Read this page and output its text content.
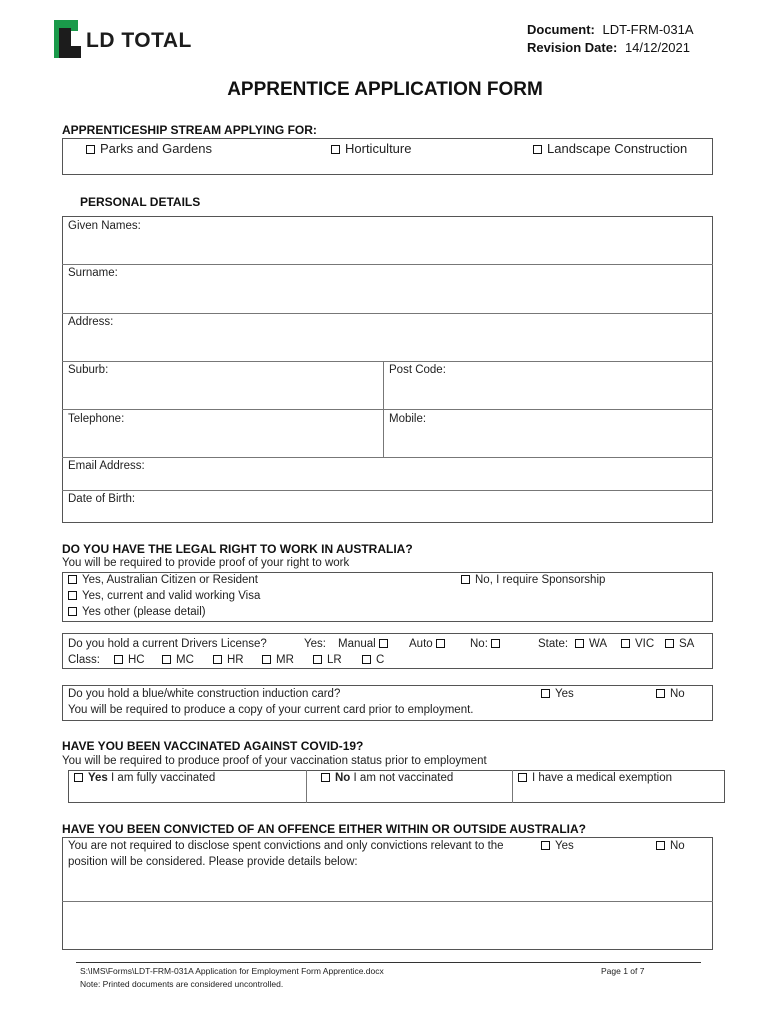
LD TOTAL	Document: LDT-FRM-031A
Revision Date: 14/12/2021
APPRENTICE APPLICATION FORM
APPRENTICESHIP STREAM APPLYING FOR:
Parks and Gardens	Horticulture	Landscape Construction
PERSONAL DETAILS
Given Names:
Surname:
Address:
Suburb:	Post Code:
Telephone:	Mobile:
Email Address:
Date of Birth:
DO YOU HAVE THE LEGAL RIGHT TO WORK IN AUSTRALIA?
You will be required to provide proof of your right to work
Yes, Australian Citizen or Resident
Yes, current and valid working Visa
Yes other (please detail)
No, I require Sponsorship
Do you hold a current Drivers License?	Yes: Manual	Auto	No:	State:	WA	VIC	SA
Class:	HC	MC	HR	MR	LR	C
Do you hold a blue/white construction induction card?
You will be required to produce a copy of your current card prior to employment.
Yes	No
HAVE YOU BEEN VACCINATED AGAINST COVID-19?
You will be required to produce proof of your vaccination status prior to employment
Yes I am fully vaccinated	No I am not vaccinated	I have a medical exemption
HAVE YOU BEEN CONVICTED OF AN OFFENCE EITHER WITHIN OR OUTSIDE AUSTRALIA?
You are not required to disclose spent convictions and only convictions relevant to the
position will be considered. Please provide details below:
Yes	No
S:\IMS\Forms\LDT-FRM-031A Application for Employment Form Apprentice.docx
Note: Printed documents are considered uncontrolled.
Page 1 of 7
